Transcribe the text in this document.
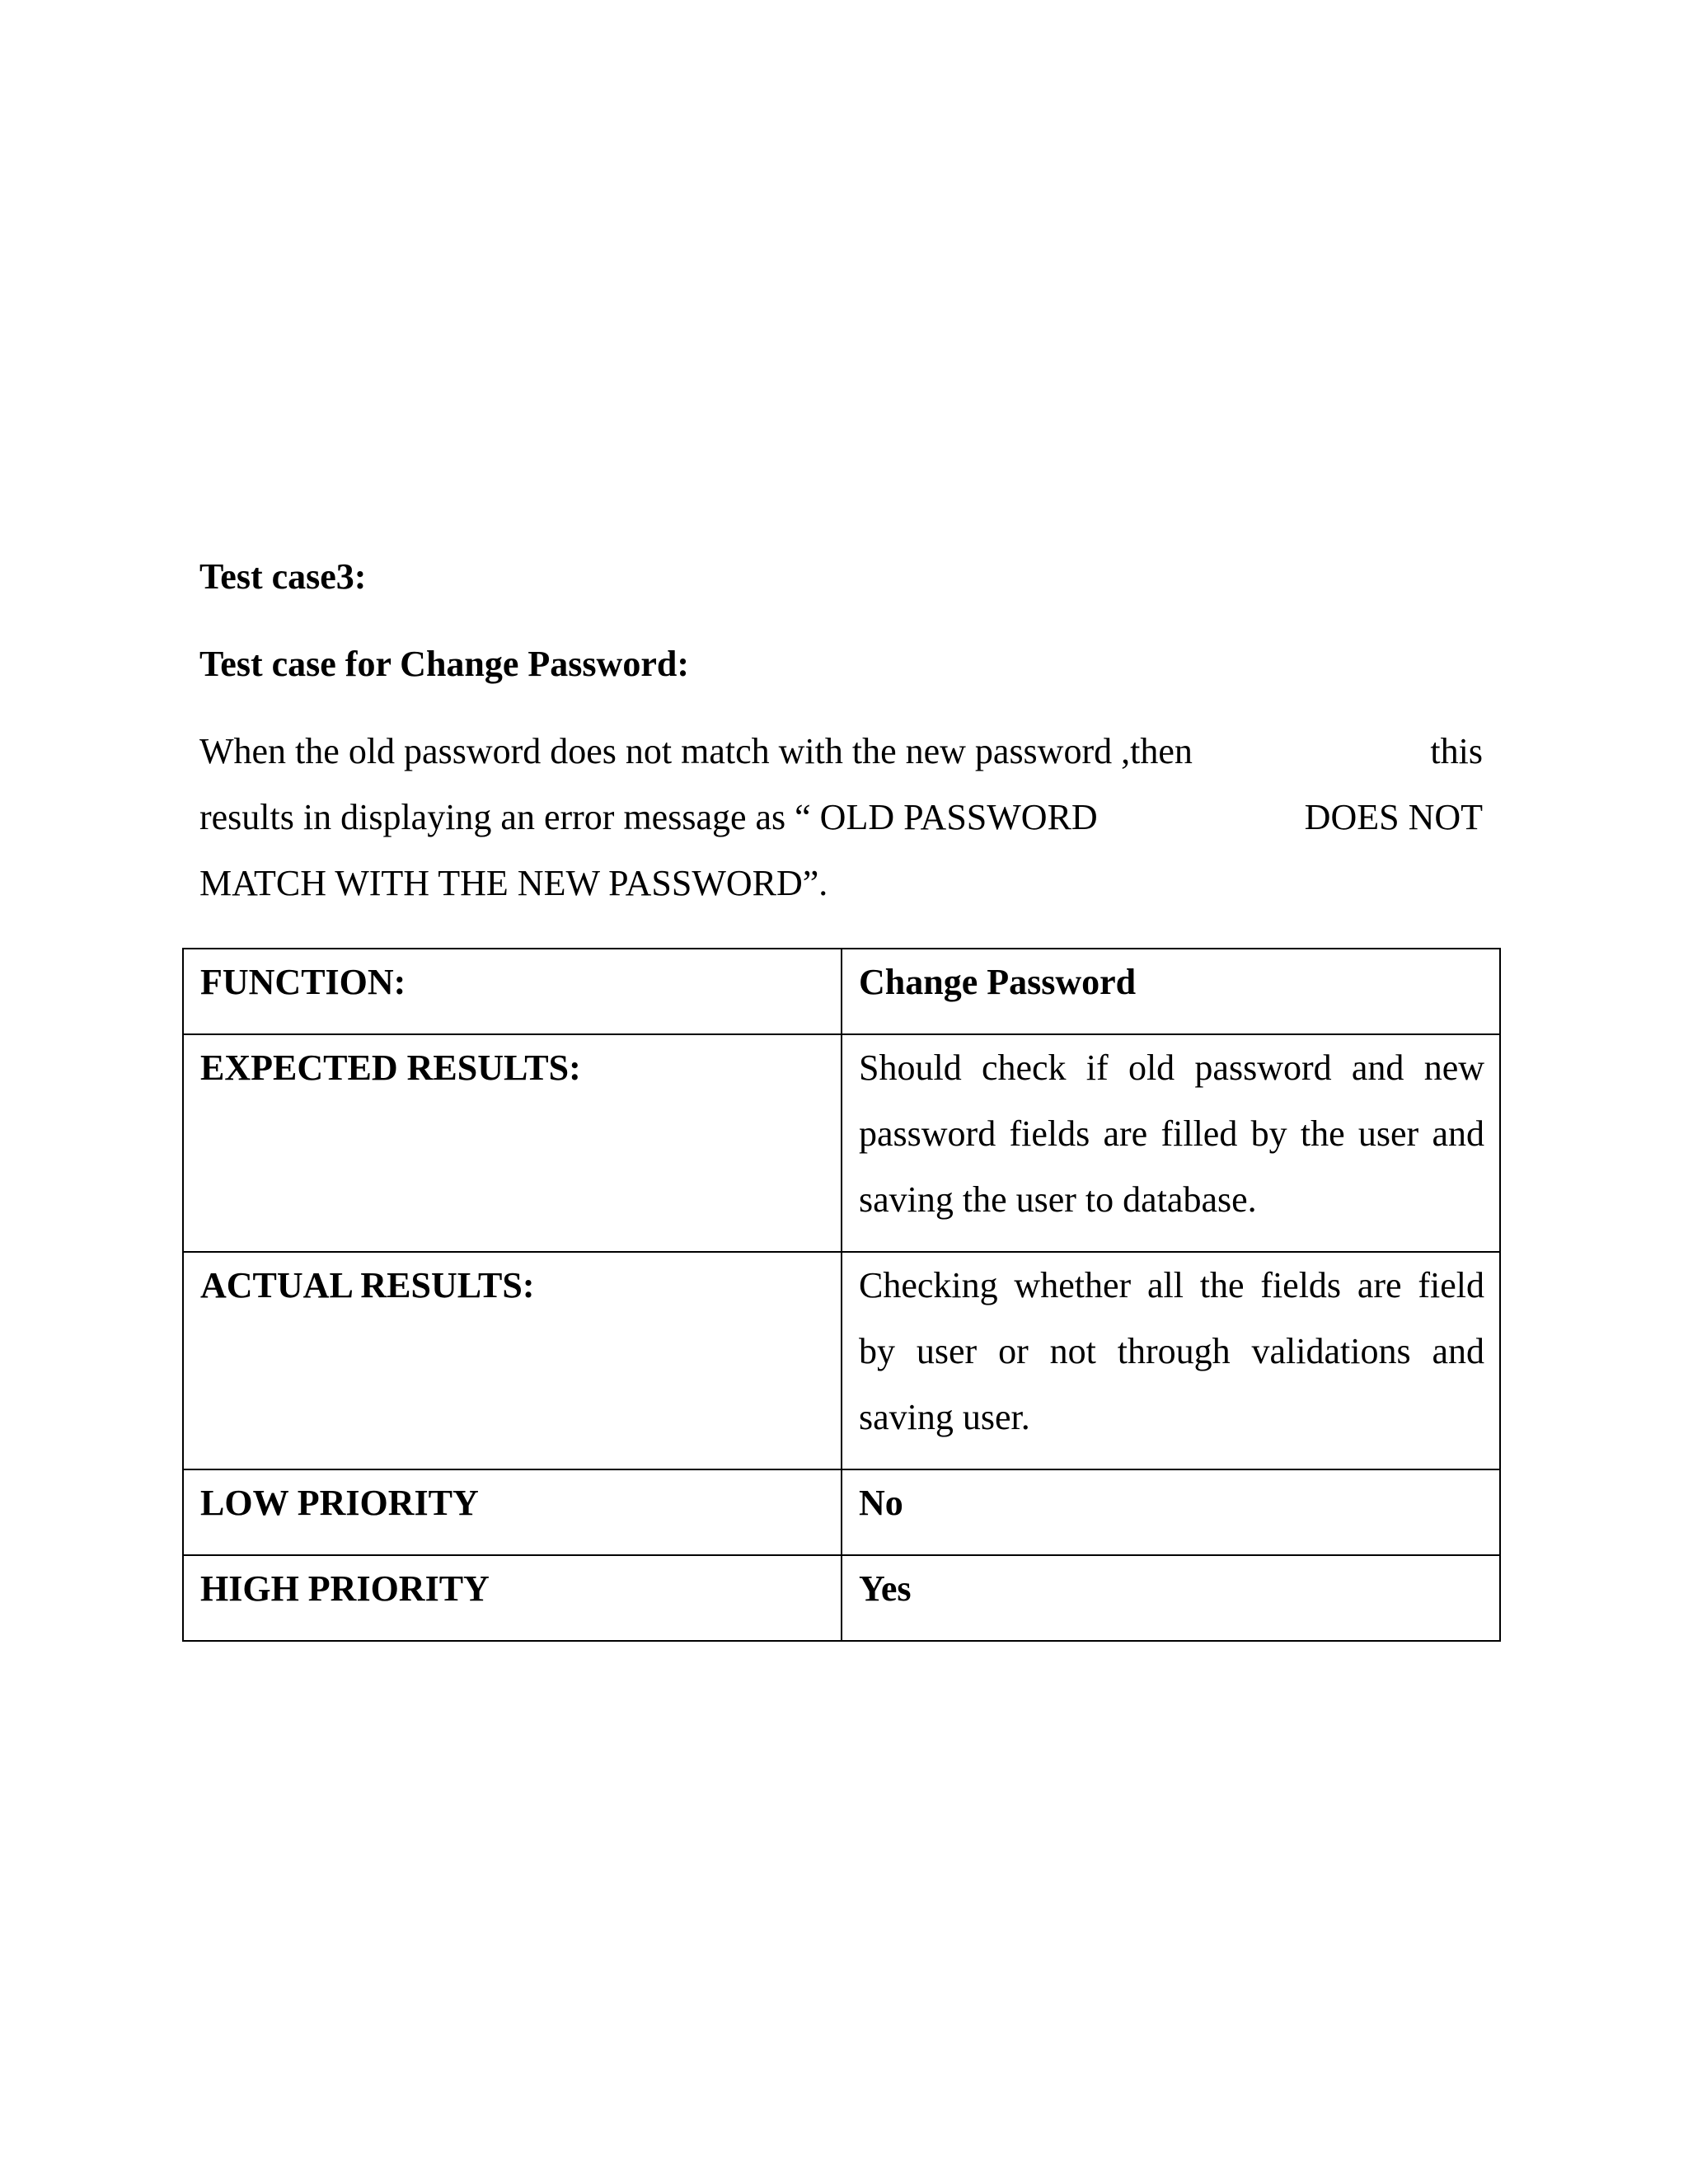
Test case3:

Test case for Change Password:

When the old password does not match with the new password ,then	this
results in displaying an error message as “ OLD PASSWORD	DOES NOT

MATCH WITH THE NEW PASSWORD”.

FUNCTION:	Change Password
EXPECTED RESULTS:	Should check if old password and new password fields are filled by the user and saving the user to database.
ACTUAL RESULTS:	Checking whether all the fields are field by user or not through validations and saving user.
LOW PRIORITY	No
HIGH PRIORITY	Yes
